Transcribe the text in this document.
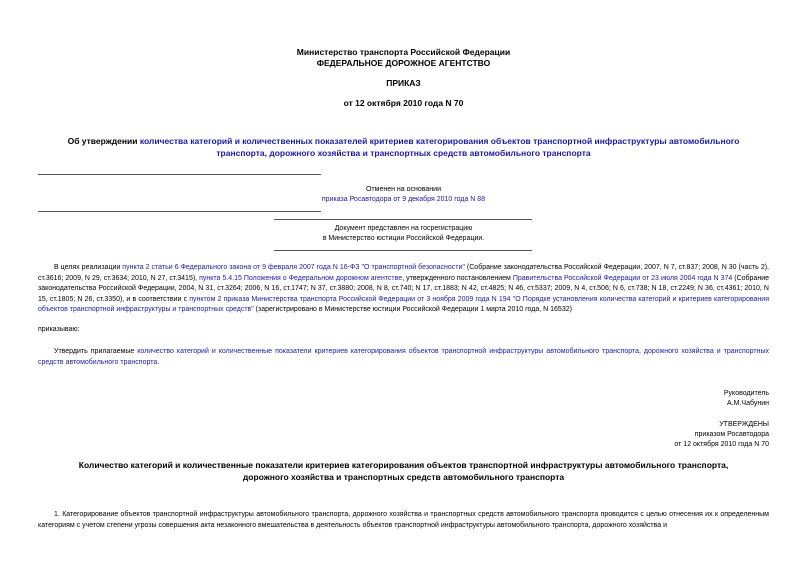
Министерство транспорта Российской Федерации
ФЕДЕРАЛЬНОЕ ДОРОЖНОЕ АГЕНТСТВО
ПРИКАЗ
от 12 октября 2010 года N 70
Об утверждении количества категорий и количественных показателей критериев категорирования объектов транспортной инфраструктуры автомобильного транспорта, дорожного хозяйства и транспортных средств автомобильного транспорта
Отменен на основании
приказа Росавтодора от 9 декабря 2010 года N 88
Документ представлен на госрегистрацию
в Министерство юстиции Российской Федерации.
В целях реализации пункта 2 статьи 6 Федерального закона от 9 февраля 2007 года N 16-ФЗ "О транспортной безопасности" (Собрание законодательства Российской Федерации, 2007, N 7, ст.837; 2008, N 30 (часть 2), ст.3616; 2009, N 29, ст.3634; 2010, N 27, ст.3415), пункта 5.4.15 Положения о Федеральном дорожном агентстве, утвержденного постановлением Правительства Российской Федерации от 23 июля 2004 года N 374 (Собрание законодательства Российской Федерации, 2004, N 31, ст.3264; 2006, N 16, ст.1747; N 37, ст.3880; 2008, N 8, ст.740; N 17, ст.1883; N 42, ст.4825; N 46, ст.5337; 2009, N 4, ст.506; N 6, ст.738; N 18, ст.2249; N 36, ст.4361; 2010, N 15, ст.1805; N 26, ст.3350), и в соответствии с пунктом 2 приказа Министерства транспорта Российской Федерации от 3 ноября 2009 года N 194 "О Порядке установления количества категорий и критериев категорирования объектов транспортной инфраструктуры и транспортных средств" (зарегистрировано в Министерстве юстиции Российской Федерации 1 марта 2010 года, N 16532)
приказываю:
Утвердить прилагаемые количество категорий и количественные показатели критериев категорирования объектов транспортной инфраструктуры автомобильного транспорта, дорожного хозяйства и транспортных средств автомобильного транспорта.
Руководитель
А.М.Чабунин
УТВЕРЖДЕНЫ
приказом Росавтодора
от 12 октября 2010 года N 70
Количество категорий и количественные показатели критериев категорирования объектов транспортной инфраструктуры автомобильного транспорта, дорожного хозяйства и транспортных средств автомобильного транспорта
1. Категорирование объектов транспортной инфраструктуры автомобильного транспорта, дорожного хозяйства и транспортных средств автомобильного транспорта проводится с целью отнесения их к определенным категориям с учетом степени угрозы совершения акта незаконного вмешательства в деятельность объектов транспортной инфраструктуры автомобильного транспорта, дорожного хозяйства и
